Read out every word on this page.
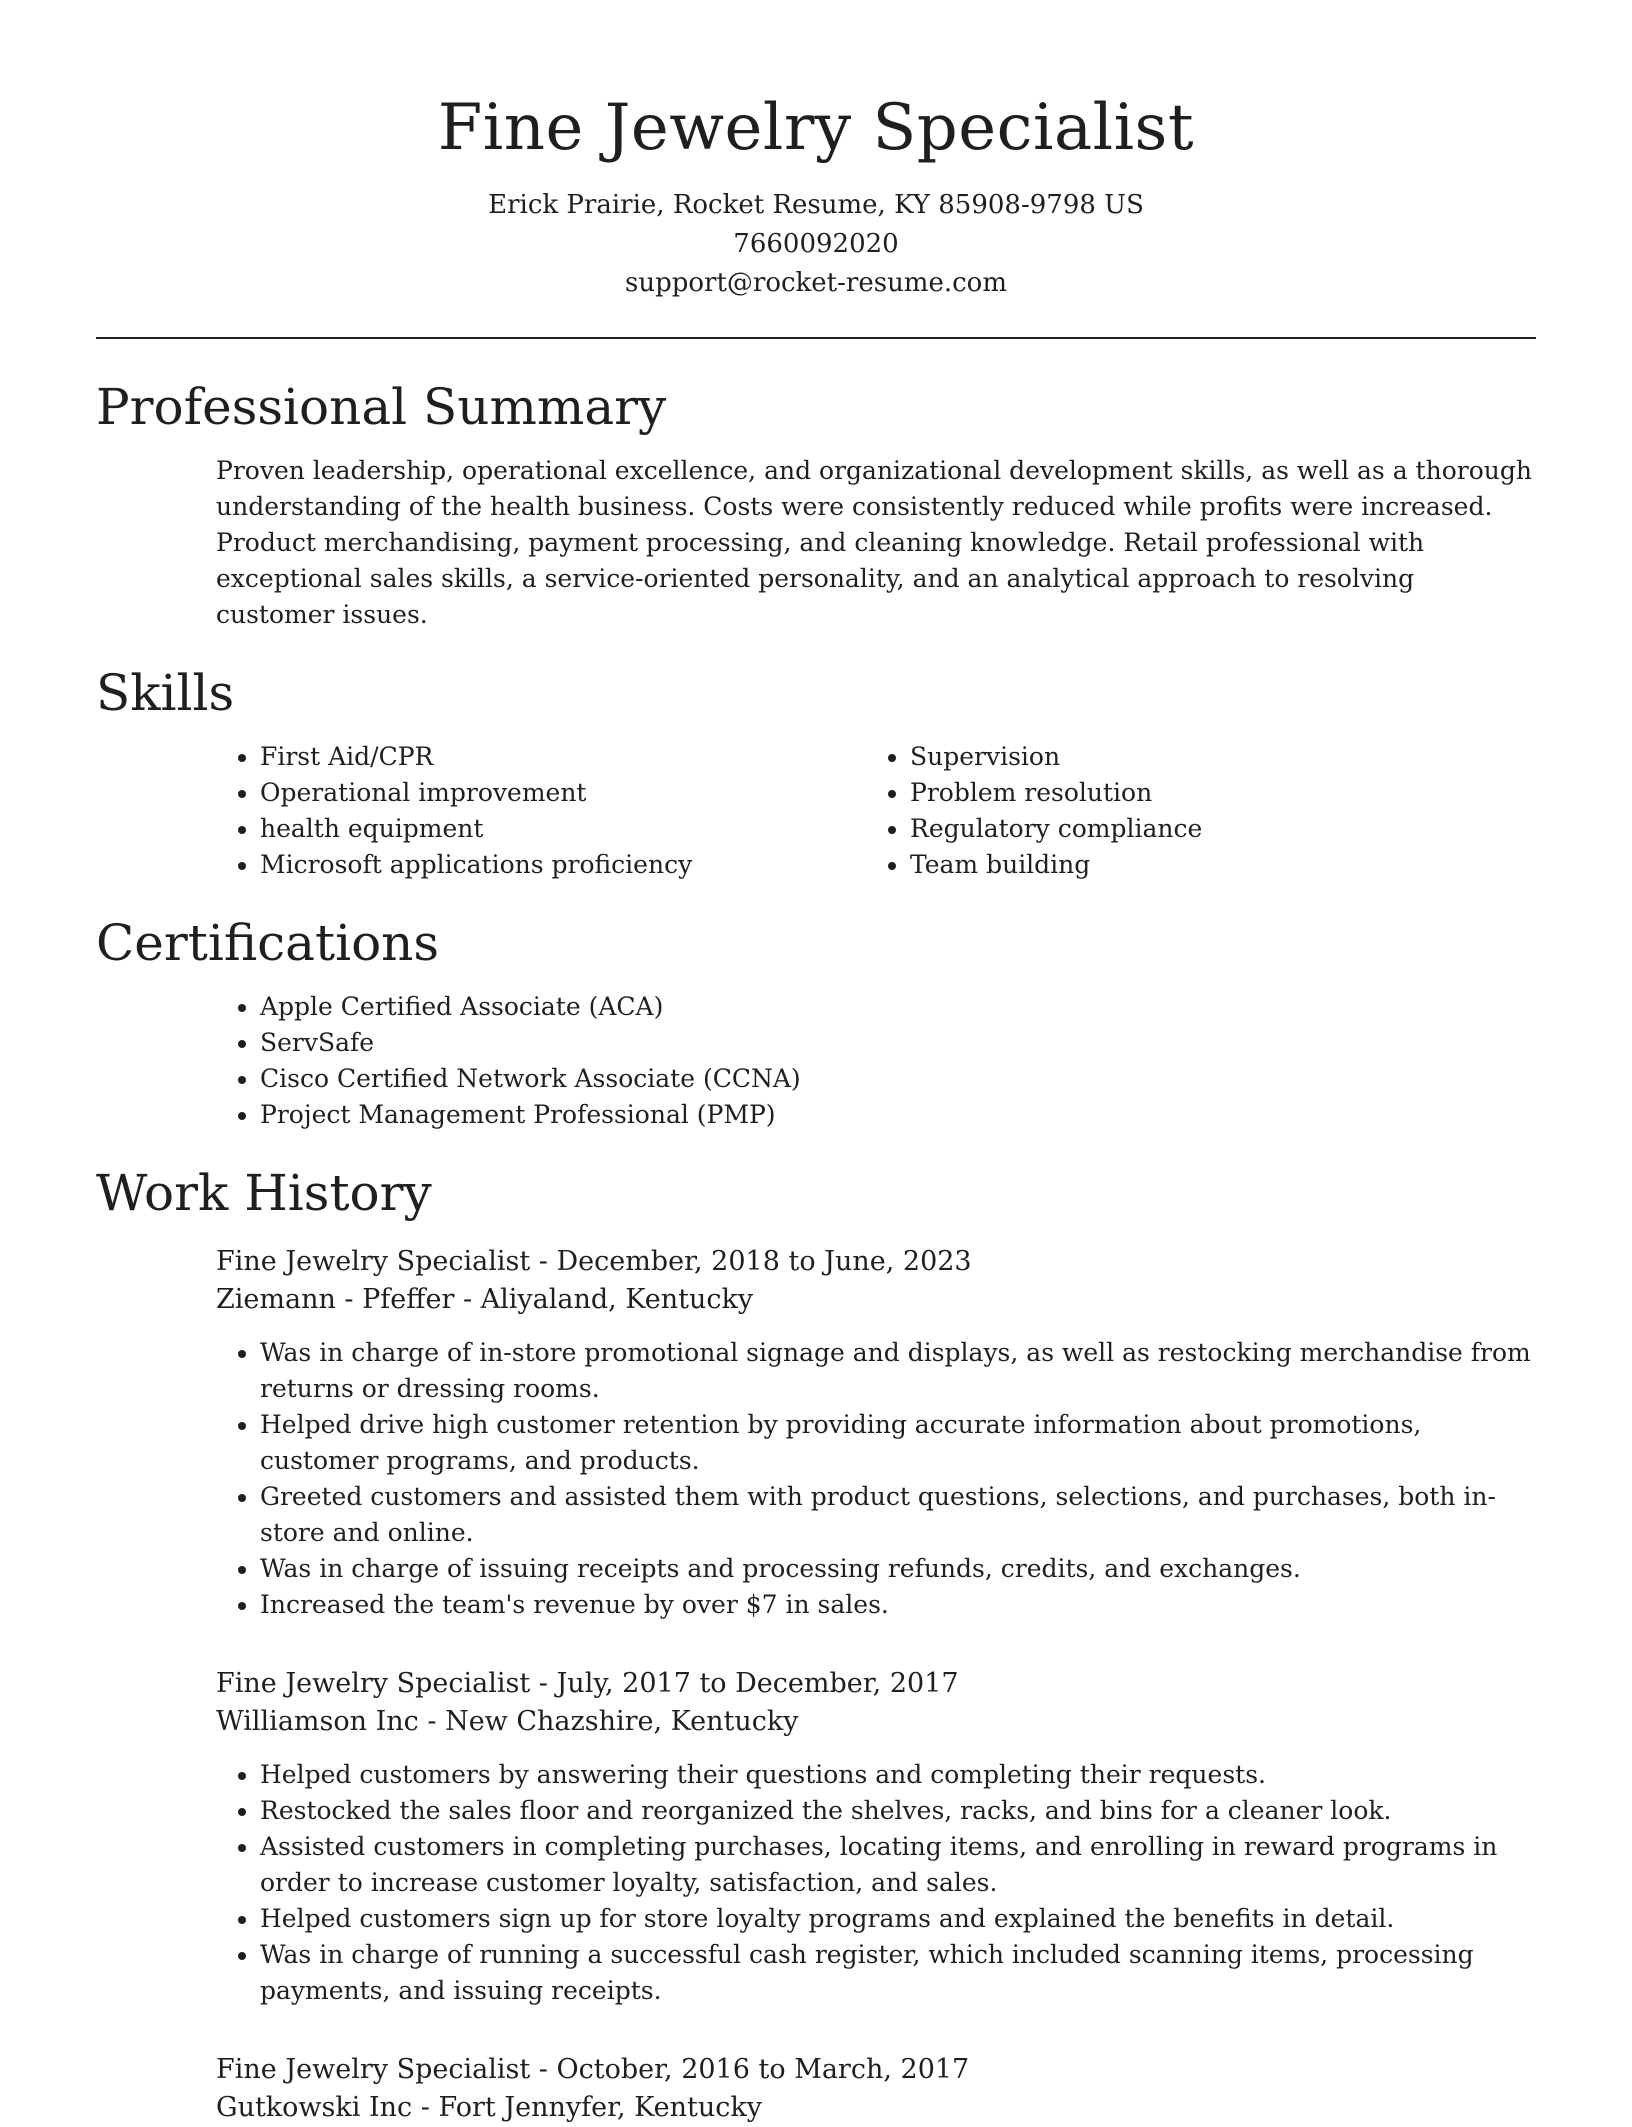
Fine Jewelry Specialist

Erick Prairie, Rocket Resume, KY 85908-9798 US

7660092020

support@rocket-resume.com

Professional Summary

Proven leadership, operational excellence, and organizational development skills, as well as a thorough understanding of the health business. Costs were consistently reduced while profits were increased. Product merchandising, payment processing, and cleaning knowledge. Retail professional with exceptional sales skills, a service-oriented personality, and an analytical approach to resolving customer issues.

Skills
• First Aid/CPR
• Operational improvement
• health equipment
• Microsoft applications proficiency
• Supervision
• Problem resolution
• Regulatory compliance
• Team building
Certifications
• Apple Certified Associate (ACA)
• ServSafe
• Cisco Certified Network Associate (CCNA)
• Project Management Professional (PMP)
Work History

Fine Jewelry Specialist - December, 2018 to June, 2023

Ziemann - Pfeffer - Aliyaland, Kentucky

• Was in charge of in-store promotional signage and displays, as well as restocking merchandise from returns or dressing rooms.
• Helped drive high customer retention by providing accurate information about promotions, customer programs, and products.
• Greeted customers and assisted them with product questions, selections, and purchases, both in-store and online.
• Was in charge of issuing receipts and processing refunds, credits, and exchanges.
• Increased the team's revenue by over $7 in sales.

Fine Jewelry Specialist - July, 2017 to December, 2017

Williamson Inc - New Chazshire, Kentucky

• Helped customers by answering their questions and completing their requests.
• Restocked the sales floor and reorganized the shelves, racks, and bins for a cleaner look.
• Assisted customers in completing purchases, locating items, and enrolling in reward programs in order to increase customer loyalty, satisfaction, and sales.
• Helped customers sign up for store loyalty programs and explained the benefits in detail.
• Was in charge of running a successful cash register, which included scanning items, processing payments, and issuing receipts.

Fine Jewelry Specialist - October, 2016 to March, 2017

Gutkowski Inc - Fort Jennyfer, Kentucky
